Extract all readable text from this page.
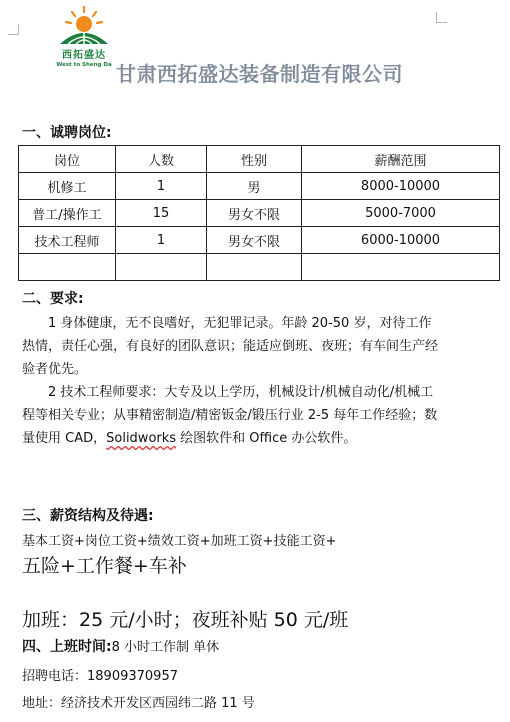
西拓盛达
West to Sheng Da 甘肃西拓盛达装备制造有限公司
一、诚聘岗位:
岗位	人数	性别	薪酬范围
机修工	1	男	8000-10000
普工/操作工	15	男女不限	5000-7000
技术工程师	1	男女不限	6000-10000

二、要求:

1 身体健康，无不良嗜好，无犯罪记录。年龄 20-50 岁，对待工作热情，责任心强，有良好的团队意识；能适应倒班、夜班；有车间生产经验者优先。

2 技术工程师要求：大专及以上学历，机械设计/机械自动化/机械工程等相关专业；从事精密制造/精密钣金/锻压行业 2-5 每年工作经验；数量使用 CAD，Solidworks 绘图软件和 Office 办公软件。

三、薪资结构及待遇:
基本工资+岗位工资+绩效工资+加班工资+技能工资+
五险+工作餐+车补
加班：25 元/小时；夜班补贴 50 元/班
四、上班时间:8 小时工作制 单休
招聘电话：18909370957
地址：经济技术开发区西园纬二路 11 号
